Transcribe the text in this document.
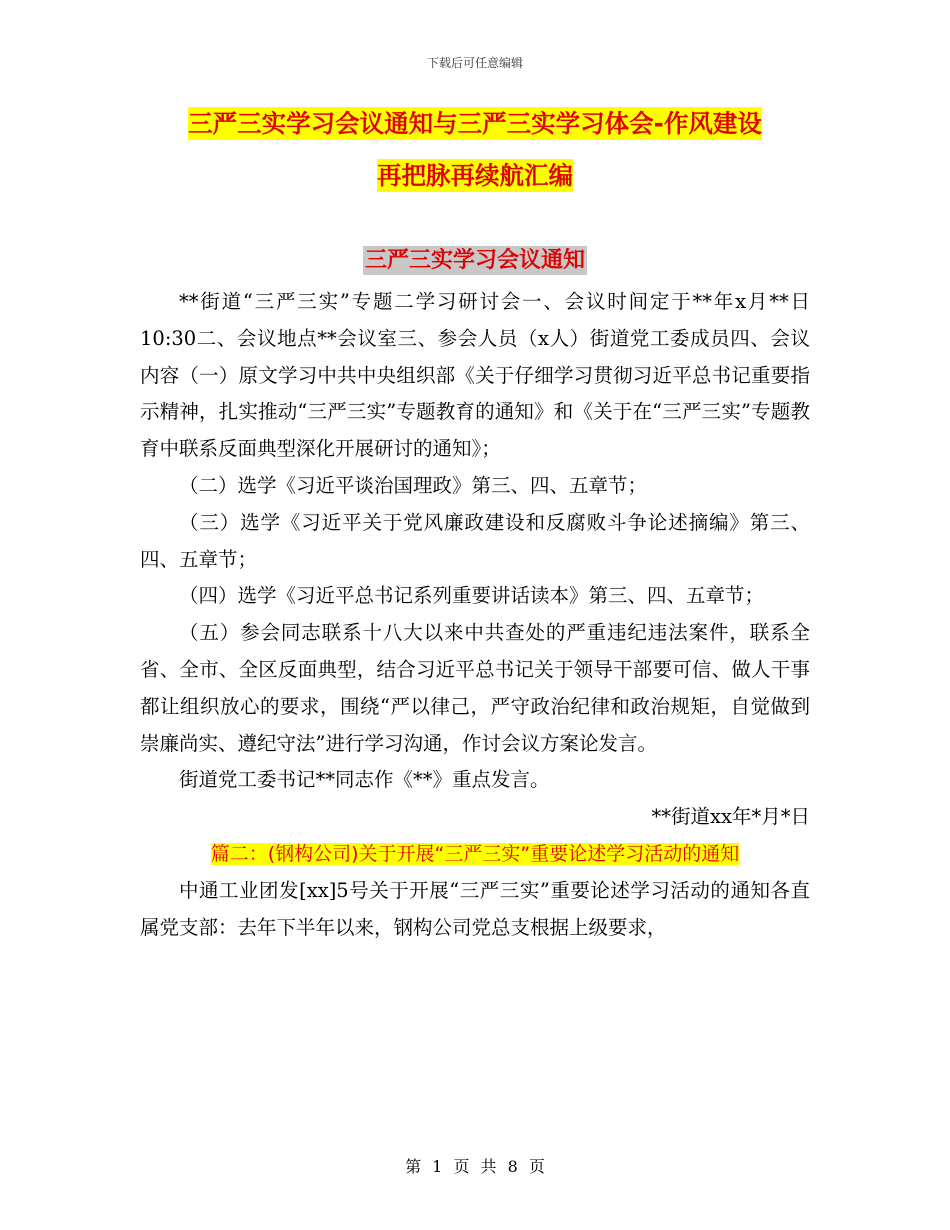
下载后可任意编辑
三严三实学习会议通知与三严三实学习体会-作风建设
再把脉再续航汇编
三严三实学习会议通知

**街道“三严三实”专题二学习研讨会一、会议时间定于**年x月**日10:30二、会议地点**会议室三、参会人员（x人）街道党工委成员四、会议内容（一）原文学习中共中央组织部《关于仔细学习贯彻习近平总书记重要指示精神，扎实推动“三严三实”专题教育的通知》和《关于在“三严三实”专题教育中联系反面典型深化开展研讨的通知》；

（二）选学《习近平谈治国理政》第三、四、五章节；

（三）选学《习近平关于党风廉政建设和反腐败斗争论述摘编》第三、四、五章节；

（四）选学《习近平总书记系列重要讲话读本》第三、四、五章节；

（五）参会同志联系十八大以来中共查处的严重违纪违法案件，联系全省、全市、全区反面典型，结合习近平总书记关于领导干部要可信、做人干事都让组织放心的要求，围绕“严以律己，严守政治纪律和政治规矩，自觉做到崇廉尚实、遵纪守法”进行学习沟通，作讨会议方案论发言。

街道党工委书记**同志作《**》重点发言。

**街道xx年*月*日

篇二：(钢构公司)关于开展“三严三实”重要论述学习活动的通知

中通工业团发[xx]5号关于开展“三严三实”重要论述学习活动的通知各直属党支部：去年下半年以来，钢构公司党总支根据上级要求，

第 1 页 共 8 页
